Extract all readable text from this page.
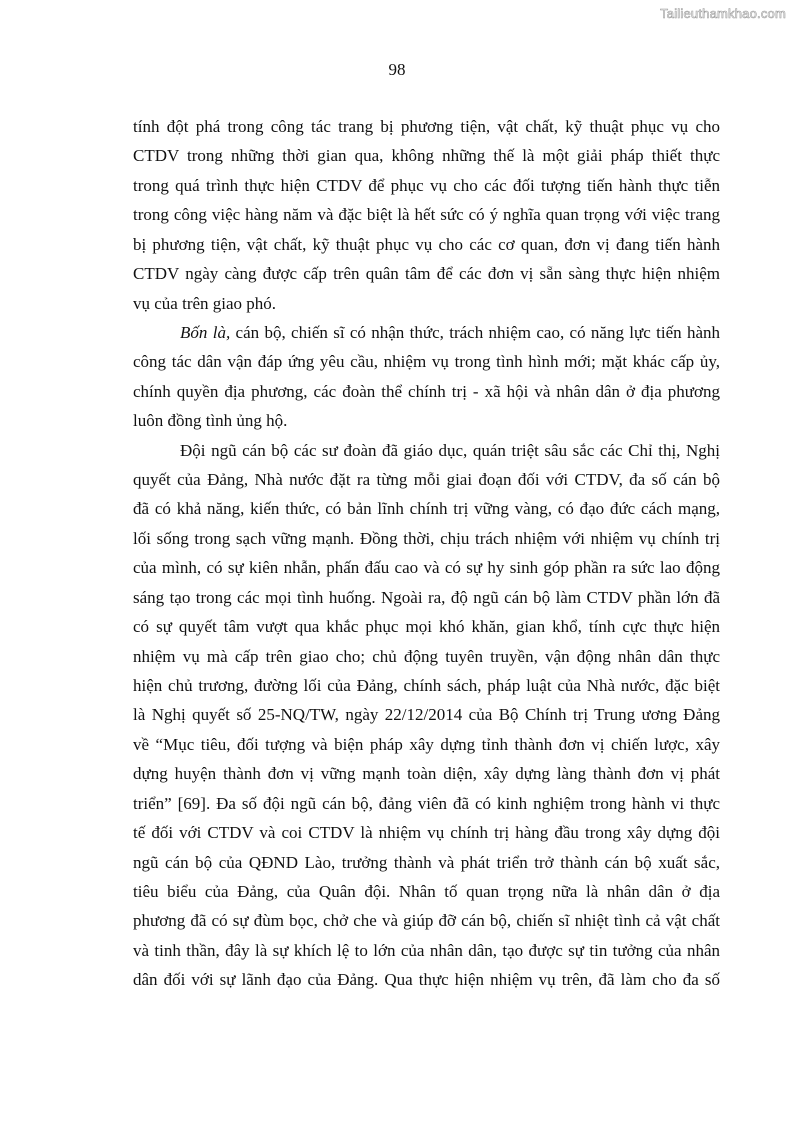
Tailieuthamkhao.com
98
tính đột phá trong công tác trang bị phương tiện, vật chất, kỹ thuật phục vụ cho
CTDV trong những thời gian qua, không những thế là một giải pháp thiết thực
trong quá trình thực hiện CTDV để phục vụ cho các đối tượng tiến hành thực tiễn
trong công việc hàng năm và đặc biệt là hết sức có ý nghĩa quan trọng với việc trang
bị phương tiện, vật chất, kỹ thuật phục vụ cho các cơ quan, đơn vị đang tiến hành
CTDV ngày càng được cấp trên quân tâm để các đơn vị sẵn sàng thực hiện nhiệm
vụ của trên giao phó.
Bốn là, cán bộ, chiến sĩ có nhận thức, trách nhiệm cao, có năng lực tiến hành
công tác dân vận đáp ứng yêu cầu, nhiệm vụ trong tình hình mới; mặt khác cấp ủy,
chính quyền địa phương, các đoàn thể chính trị - xã hội và nhân dân ở địa phương
luôn đồng tình ủng hộ.
Đội ngũ cán bộ các sư đoàn đã giáo dục, quán triệt sâu sắc các Chỉ thị, Nghị
quyết của Đảng, Nhà nước đặt ra từng mỗi giai đoạn đối với CTDV, đa số cán bộ
đã có khả năng, kiến thức, có bản lĩnh chính trị vững vàng, có đạo đức cách mạng,
lối sống trong sạch vững mạnh. Đồng thời, chịu trách nhiệm với nhiệm vụ chính trị
của mình, có sự kiên nhẫn, phấn đấu cao và có sự hy sinh góp phần ra sức lao động
sáng tạo trong các mọi tình huống. Ngoài ra, độ ngũ cán bộ làm CTDV phần lớn đã
có sự quyết tâm vượt qua khắc phục mọi khó khăn, gian khổ, tính cực thực hiện
nhiệm vụ mà cấp trên giao cho; chủ động tuyên truyền, vận động nhân dân thực
hiện chủ trương, đường lối của Đảng, chính sách, pháp luật của Nhà nước, đặc biệt
là Nghị quyết số 25-NQ/TW, ngày 22/12/2014 của Bộ Chính trị Trung ương Đảng
về “Mục tiêu, đối tượng và biện pháp xây dựng tỉnh thành đơn vị chiến lược, xây
dựng huyện thành đơn vị vững mạnh toàn diện, xây dựng làng thành đơn vị phát
triển” [69]. Đa số đội ngũ cán bộ, đảng viên đã có kinh nghiệm trong hành vi thực
tế đối với CTDV và coi CTDV là nhiệm vụ chính trị hàng đầu trong xây dựng đội
ngũ cán bộ của QĐND Lào, trưởng thành và phát triển trở thành cán bộ xuất sắc,
tiêu biểu của Đảng, của Quân đội. Nhân tố quan trọng nữa là nhân dân ở địa
phương đã có sự đùm bọc, chở che và giúp đỡ cán bộ, chiến sĩ nhiệt tình cả vật chất
và tinh thần, đây là sự khích lệ to lớn của nhân dân, tạo được sự tin tưởng của nhân
dân đối với sự lãnh đạo của Đảng. Qua thực hiện nhiệm vụ trên, đã làm cho đa số
